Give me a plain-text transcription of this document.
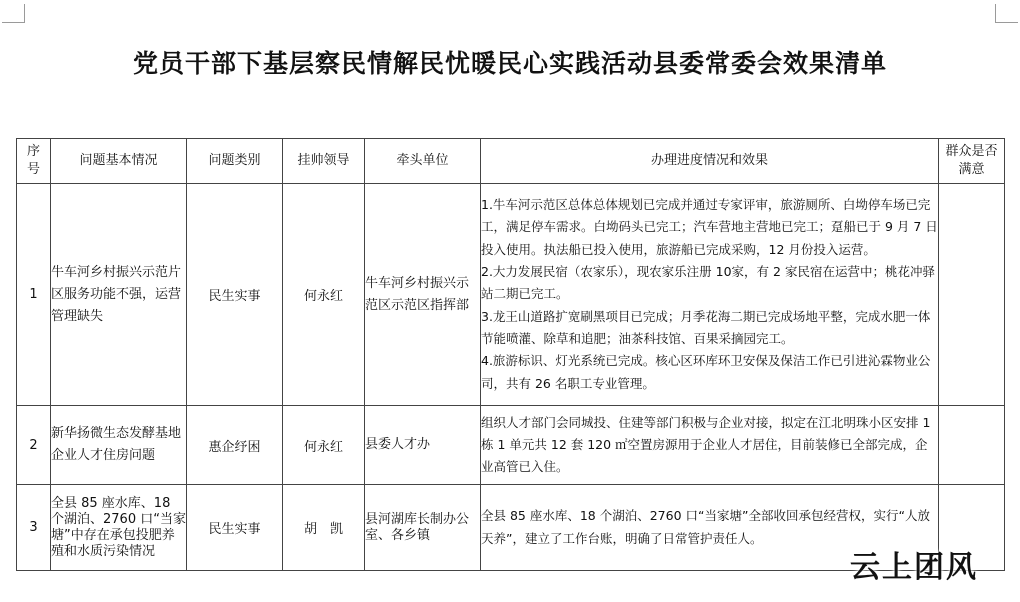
党员干部下基层察民情解民忧暖民心实践活动县委常委会效果清单
序号	问题基本情况	问题类别	挂帅领导	牵头单位	办理进度情况和效果	群众是否满意
1	牛车河乡村振兴示范片区服务功能不强，运营管理缺失	民生实事	何永红	牛车河乡村振兴示范区示范区指挥部	1.牛车河示范区总体总体规划已完成并通过专家评审，旅游厕所、白坳停车场已完工，满足停车需求。白坳码头已完工；汽车营地主营地已完工；趸船已于 9 月 7 日投入使用。执法船已投入使用，旅游船已完成采购，12 月份投入运营。
2.大力发展民宿（农家乐），现农家乐注册 10家，有 2 家民宿在运营中；桃花冲驿站二期已完工。
3.龙王山道路扩宽刷黑项目已完成；月季花海二期已完成场地平整，完成水肥一体节能喷灌、除草和追肥；油茶科技馆、百果采摘园完工。
4.旅游标识、灯光系统已完成。核心区环库环卫安保及保洁工作已引进沁霖物业公司，共有 26 名职工专业管理。	

2	新华扬微生态发酵基地企业人才住房问题	惠企纾困	何永红	县委人才办	组织人才部门会同城投、住建等部门积极与企业对接，拟定在江北明珠小区安排 1 栋 1 单元共 12 套 120 ㎡空置房源用于企业人才居住，目前装修已全部完成，企业高管已入住。	

3	全县 85 座水库、18 个湖泊、2760 口“当家塘”中存在承包投肥养殖和水质污染情况	民生实事	胡　凯	县河湖库长制办公室、各乡镇	全县 85 座水库、18 个湖泊、2760 口“当家塘”全部收回承包经营权，实行“人放天养”，建立了工作台账，明确了日常管护责任人。	

云上团风
